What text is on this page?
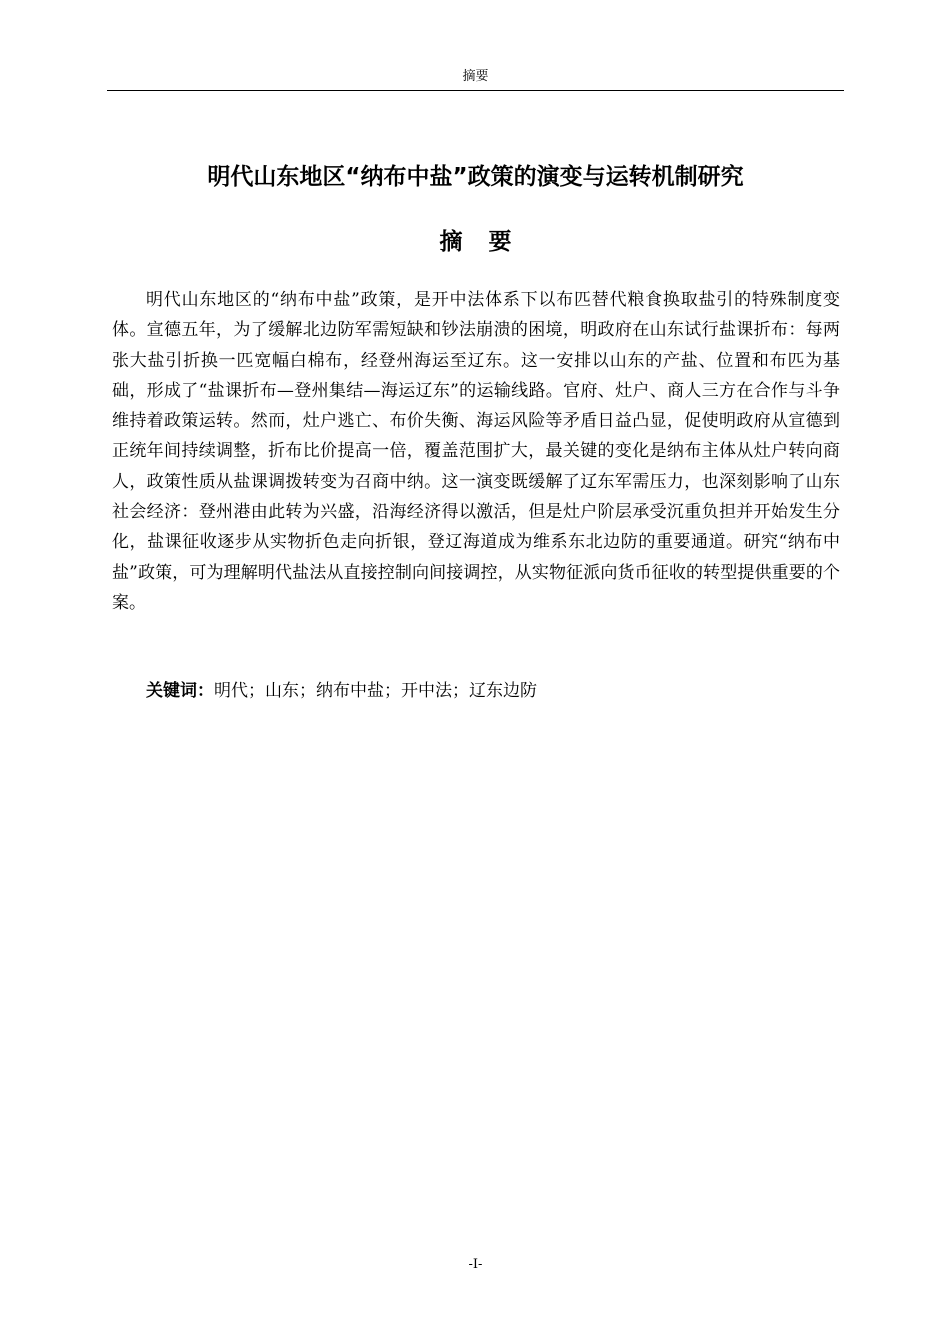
摘要
明代山东地区“纳布中盐”政策的演变与运转机制研究
摘要

明代山东地区的“纳布中盐”政策，是开中法体系下以布匹替代粮食换取盐引的特殊制度变体。宣德五年，为了缓解北边防军需短缺和钞法崩溃的困境，明政府在山东试行盐课折布：每两张大盐引折换一匹宽幅白棉布，经登州海运至辽东。这一安排以山东的产盐、位置和布匹为基础，形成了“盐课折布—登州集结—海运辽东”的运输线路。官府、灶户、商人三方在合作与斗争维持着政策运转。然而，灶户逃亡、布价失衡、海运风险等矛盾日益凸显，促使明政府从宣德到正统年间持续调整，折布比价提高一倍，覆盖范围扩大，最关键的变化是纳布主体从灶户转向商人，政策性质从盐课调拨转变为召商中纳。这一演变既缓解了辽东军需压力，也深刻影响了山东社会经济：登州港由此转为兴盛，沿海经济得以激活，但是灶户阶层承受沉重负担并开始发生分化，盐课征收逐步从实物折色走向折银，登辽海道成为维系东北边防的重要通道。研究“纳布中盐”政策，可为理解明代盐法从直接控制向间接调控，从实物征派向货币征收的转型提供重要的个案。

关键词：明代；山东；纳布中盐；开中法；辽东边防

-I-
